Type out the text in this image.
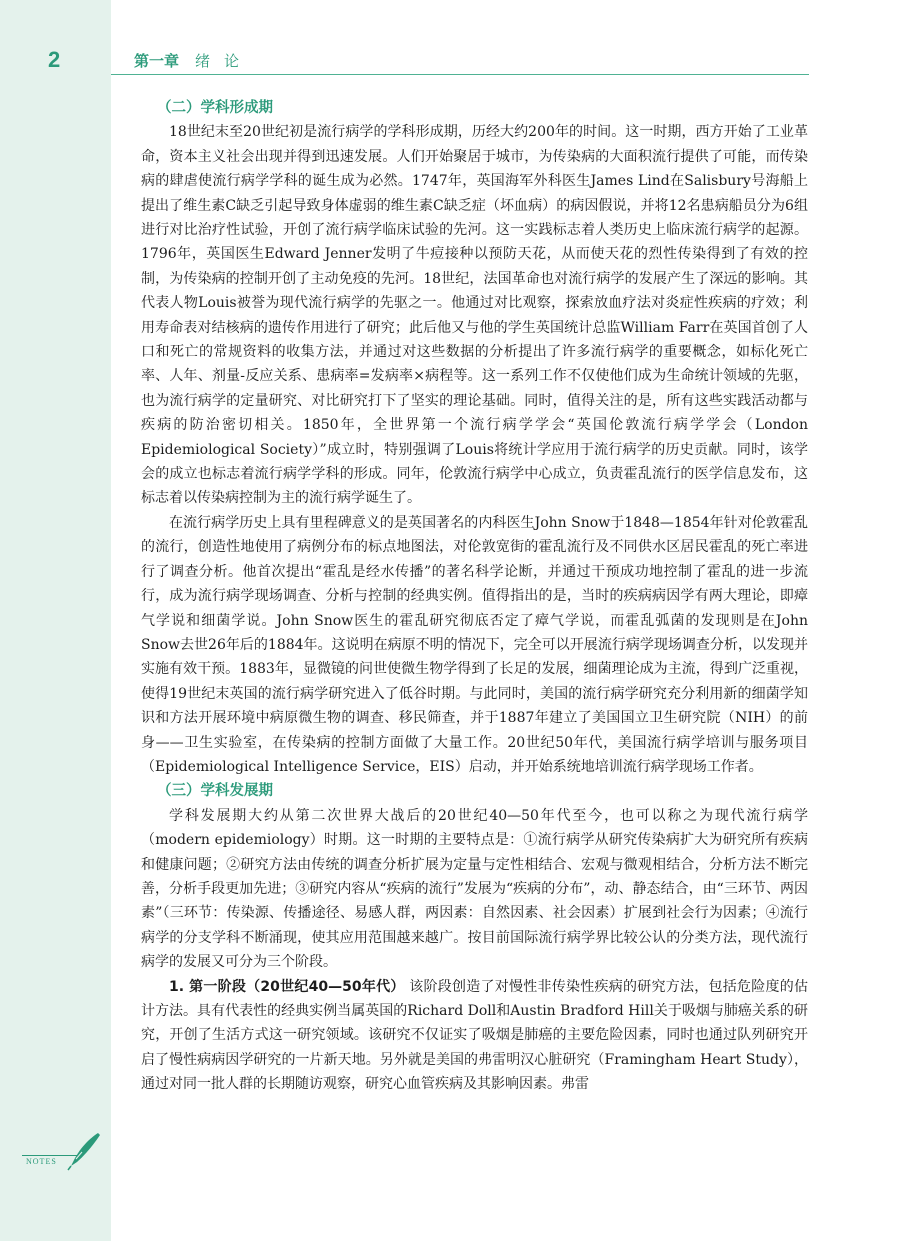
2	第一章 绪论
（二）学科形成期

18世纪末至20世纪初是流行病学的学科形成期，历经大约200年的时间。这一时期，西方开始了工业革命，资本主义社会出现并得到迅速发展。人们开始聚居于城市，为传染病的大面积流行提供了可能，而传染病的肆虐使流行病学学科的诞生成为必然。1747年，英国海军外科医生James Lind在Salisbury号海船上提出了维生素C缺乏引起导致身体虚弱的维生素C缺乏症（坏血病）的病因假说，并将12名患病船员分为6组进行对比治疗性试验，开创了流行病学临床试验的先河。这一实践标志着人类历史上临床流行病学的起源。1796年，英国医生Edward Jenner发明了牛痘接种以预防天花，从而使天花的烈性传染得到了有效的控制，为传染病的控制开创了主动免疫的先河。18世纪，法国革命也对流行病学的发展产生了深远的影响。其代表人物Louis被誉为现代流行病学的先驱之一。他通过对比观察，探索放血疗法对炎症性疾病的疗效；利用寿命表对结核病的遗传作用进行了研究；此后他又与他的学生英国统计总监William Farr在英国首创了人口和死亡的常规资料的收集方法，并通过对这些数据的分析提出了许多流行病学的重要概念，如标化死亡率、人年、剂量-反应关系、患病率=发病率×病程等。这一系列工作不仅使他们成为生命统计领域的先驱，也为流行病学的定量研究、对比研究打下了坚实的理论基础。同时，值得关注的是，所有这些实践活动都与疾病的防治密切相关。1850年，全世界第一个流行病学学会“英国伦敦流行病学学会（London Epidemiological Society）”成立时，特别强调了Louis将统计学应用于流行病学的历史贡献。同时，该学会的成立也标志着流行病学学科的形成。同年，伦敦流行病学中心成立，负责霍乱流行的医学信息发布，这标志着以传染病控制为主的流行病学诞生了。

在流行病学历史上具有里程碑意义的是英国著名的内科医生John Snow于1848—1854年针对伦敦霍乱的流行，创造性地使用了病例分布的标点地图法，对伦敦宽街的霍乱流行及不同供水区居民霍乱的死亡率进行了调查分析。他首次提出“霍乱是经水传播”的著名科学论断，并通过干预成功地控制了霍乱的进一步流行，成为流行病学现场调查、分析与控制的经典实例。值得指出的是，当时的疾病病因学有两大理论，即瘴气学说和细菌学说。John Snow医生的霍乱研究彻底否定了瘴气学说，而霍乱弧菌的发现则是在John Snow去世26年后的1884年。这说明在病原不明的情况下，完全可以开展流行病学现场调查分析，以发现并实施有效干预。1883年，显微镜的问世使微生物学得到了长足的发展，细菌理论成为主流，得到广泛重视，使得19世纪末英国的流行病学研究进入了低谷时期。与此同时，美国的流行病学研究充分利用新的细菌学知识和方法开展环境中病原微生物的调查、移民筛查，并于1887年建立了美国国立卫生研究院（NIH）的前身——卫生实验室，在传染病的控制方面做了大量工作。20世纪50年代，美国流行病学培训与服务项目（Epidemiological Intelligence Service，EIS）启动，并开始系统地培训流行病学现场工作者。

（三）学科发展期

学科发展期大约从第二次世界大战后的20世纪40—50年代至今，也可以称之为现代流行病学（modern epidemiology）时期。这一时期的主要特点是：①流行病学从研究传染病扩大为研究所有疾病和健康问题；②研究方法由传统的调查分析扩展为定量与定性相结合、宏观与微观相结合，分析方法不断完善，分析手段更加先进；③研究内容从“疾病的流行”发展为“疾病的分布”，动、静态结合，由“三环节、两因素”（三环节：传染源、传播途径、易感人群，两因素：自然因素、社会因素）扩展到社会行为因素；④流行病学的分支学科不断涌现，使其应用范围越来越广。按目前国际流行病学界比较公认的分类方法，现代流行病学的发展又可分为三个阶段。

1. 第一阶段（20世纪40—50年代） 该阶段创造了对慢性非传染性疾病的研究方法，包括危险度的估计方法。具有代表性的经典实例当属英国的Richard Doll和Austin Bradford Hill关于吸烟与肺癌关系的研究，开创了生活方式这一研究领域。该研究不仅证实了吸烟是肺癌的主要危险因素，同时也通过队列研究开启了慢性病病因学研究的一片新天地。另外就是美国的弗雷明汉心脏研究（Framingham Heart Study），通过对同一批人群的长期随访观察，研究心血管疾病及其影响因素。弗雷

NOTES
